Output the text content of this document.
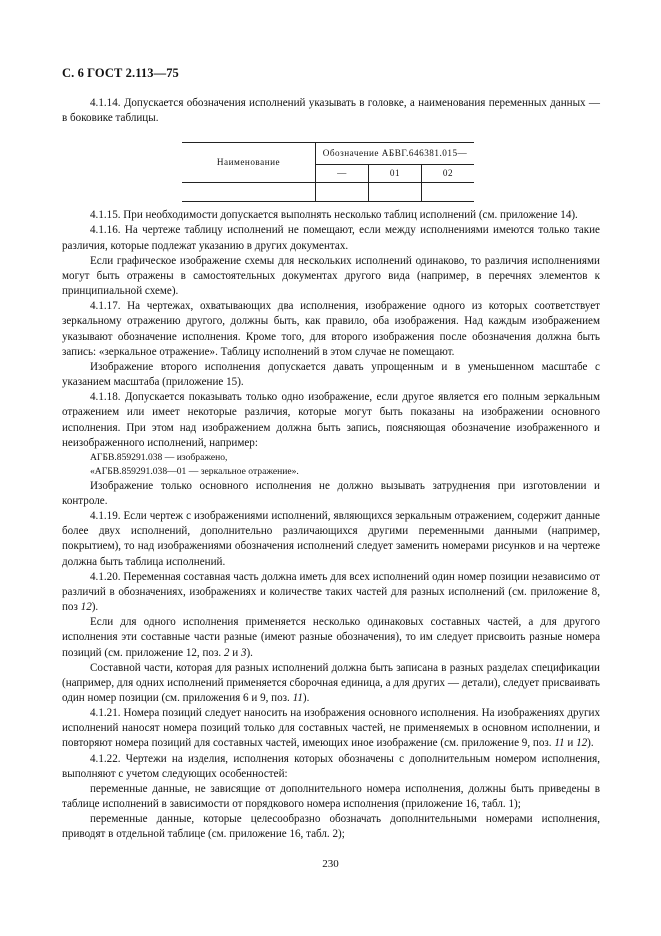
С. 6 ГОСТ 2.113—75

4.1.14. Допускается обозначения исполнений указывать в головке, а наименования переменных данных — в боковике таблицы.

Наименование	Обозначение АБВГ.646381.015—		
	—	01	02

4.1.15. При необходимости допускается выполнять несколько таблиц исполнений (см. приложение 14).

4.1.16. На чертеже таблицу исполнений не помещают, если между исполнениями имеются только такие различия, которые подлежат указанию в других документах.

Если графическое изображение схемы для нескольких исполнений одинаково, то различия исполнениями могут быть отражены в самостоятельных документах другого вида (например, в перечнях элементов к принципиальной схеме).

4.1.17. На чертежах, охватывающих два исполнения, изображение одного из которых соответствует зеркальному отражению другого, должны быть, как правило, оба изображения. Над каждым изображением указывают обозначение исполнения. Кроме того, для второго изображения после обозначения должна быть запись: «зеркальное отражение». Таблицу исполнений в этом случае не помещают.

Изображение второго исполнения допускается давать упрощенным и в уменьшенном масштабе с указанием масштаба (приложение 15).

4.1.18. Допускается показывать только одно изображение, если другое является его полным зеркальным отражением или имеет некоторые различия, которые могут быть показаны на изображении основного исполнения. При этом над изображением должна быть запись, поясняющая обозначение изображенного и неизображенного исполнений, например:

АГБВ.859291.038 — изображено,

«АГБВ.859291.038—01 — зеркальное отражение».

Изображение только основного исполнения не должно вызывать затруднения при изготовлении и контроле.

4.1.19. Если чертеж с изображениями исполнений, являющихся зеркальным отражением, содержит данные более двух исполнений, дополнительно различающихся другими переменными данными (например, покрытием), то над изображениями обозначения исполнений следует заменить номерами рисунков и на чертеже должна быть таблица исполнений.

4.1.20. Переменная составная часть должна иметь для всех исполнений один номер позиции независимо от различий в обозначениях, изображениях и количестве таких частей для разных исполнений (см. приложение 8, поз 12).

Если для одного исполнения применяется несколько одинаковых составных частей, а для другого исполнения эти составные части разные (имеют разные обозначения), то им следует присвоить разные номера позиций (см. приложение 12, поз. 2 и 3).

Составной части, которая для разных исполнений должна быть записана в разных разделах спецификации (например, для одних исполнений применяется сборочная единица, а для других — детали), следует присваивать один номер позиции (см. приложения 6 и 9, поз. 11).

4.1.21. Номера позиций следует наносить на изображения основного исполнения. На изображениях других исполнений наносят номера позиций только для составных частей, не применяемых в основном исполнении, и повторяют номера позиций для составных частей, имеющих иное изображение (см. приложение 9, поз. 11 и 12).

4.1.22. Чертежи на изделия, исполнения которых обозначены с дополнительным номером исполнения, выполняют с учетом следующих особенностей:

переменные данные, не зависящие от дополнительного номера исполнения, должны быть приведены в таблице исполнений в зависимости от порядкового номера исполнения (приложение 16, табл. 1);

переменные данные, которые целесообразно обозначать дополнительными номерами исполнения, приводят в отдельной таблице (см. приложение 16, табл. 2);

230
